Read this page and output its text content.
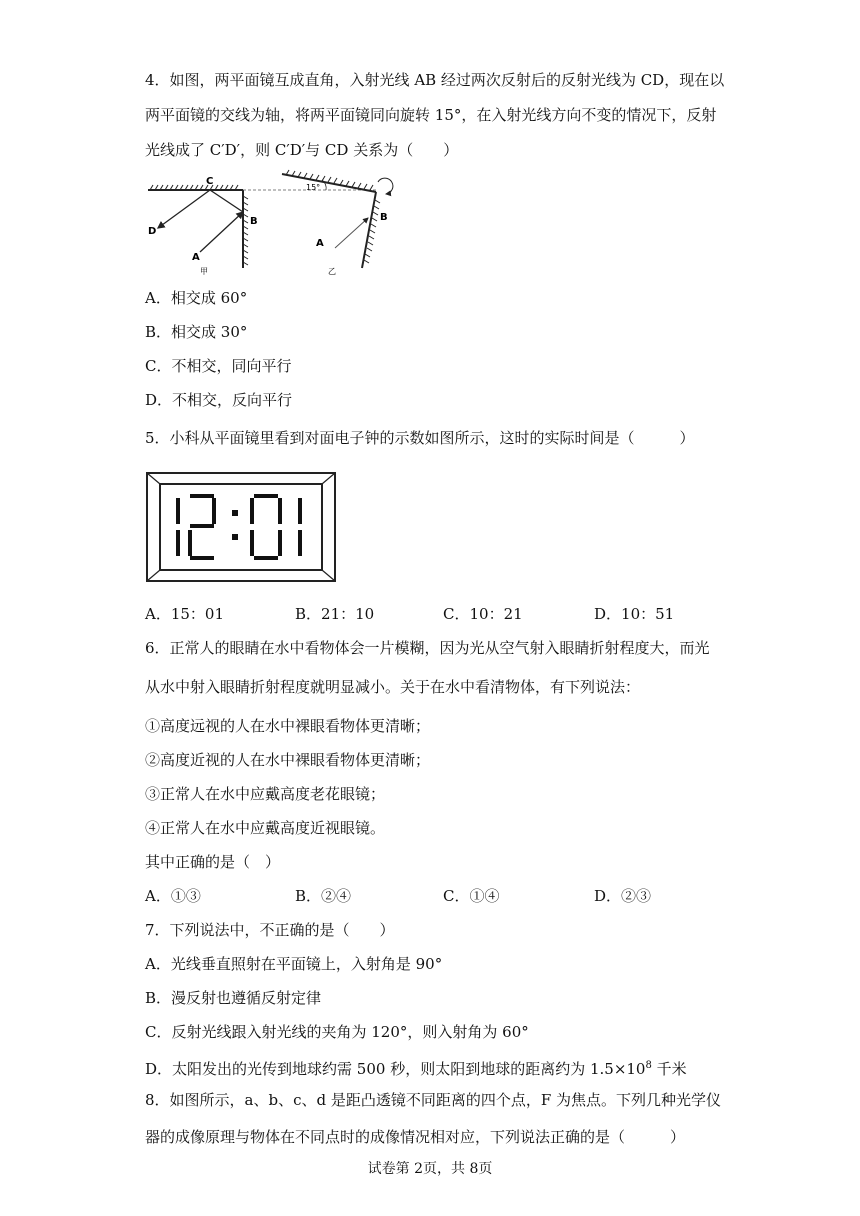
4．如图，两平面镜互成直角，入射光线 AB 经过两次反射后的反射光线为 CD，现在以
两平面镜的交线为轴，将两平面镜同向旋转 15°，在入射光线方向不变的情况下，反射
光线成了 C′D′，则 C′D′与 CD 关系为（　　）
C
D
B
A
甲
15°
B
A
乙
A．相交成 60°
B．相交成 30°
C．不相交，同向平行
D．不相交，反向平行
5．小科从平面镜里看到对面电子钟的示数如图所示，这时的实际时间是（　　　）
A．15：01	B．21：10	C．10：21	D．10：51
6．正常人的眼睛在水中看物体会一片模糊，因为光从空气射入眼睛折射程度大，而光
从水中射入眼睛折射程度就明显减小。关于在水中看清物体，有下列说法：
①高度远视的人在水中裸眼看物体更清晰；
②高度近视的人在水中裸眼看物体更清晰；
③正常人在水中应戴高度老花眼镜；
④正常人在水中应戴高度近视眼镜。
其中正确的是（　）
A．①③	B．②④	C．①④	D．②③
7．下列说法中，不正确的是（　　）
A．光线垂直照射在平面镜上，入射角是 90°
B．漫反射也遵循反射定律
C．反射光线跟入射光线的夹角为 120°，则入射角为 60°
D．太阳发出的光传到地球约需 500 秒，则太阳到地球的距离约为 $1.5\times 10^8$ 千米
8．如图所示，a、b、c、d 是距凸透镜不同距离的四个点，F 为焦点。下列几种光学仪
器的成像原理与物体在不同点时的成像情况相对应，下列说法正确的是（　　　）
试卷第 2页，共 8页
